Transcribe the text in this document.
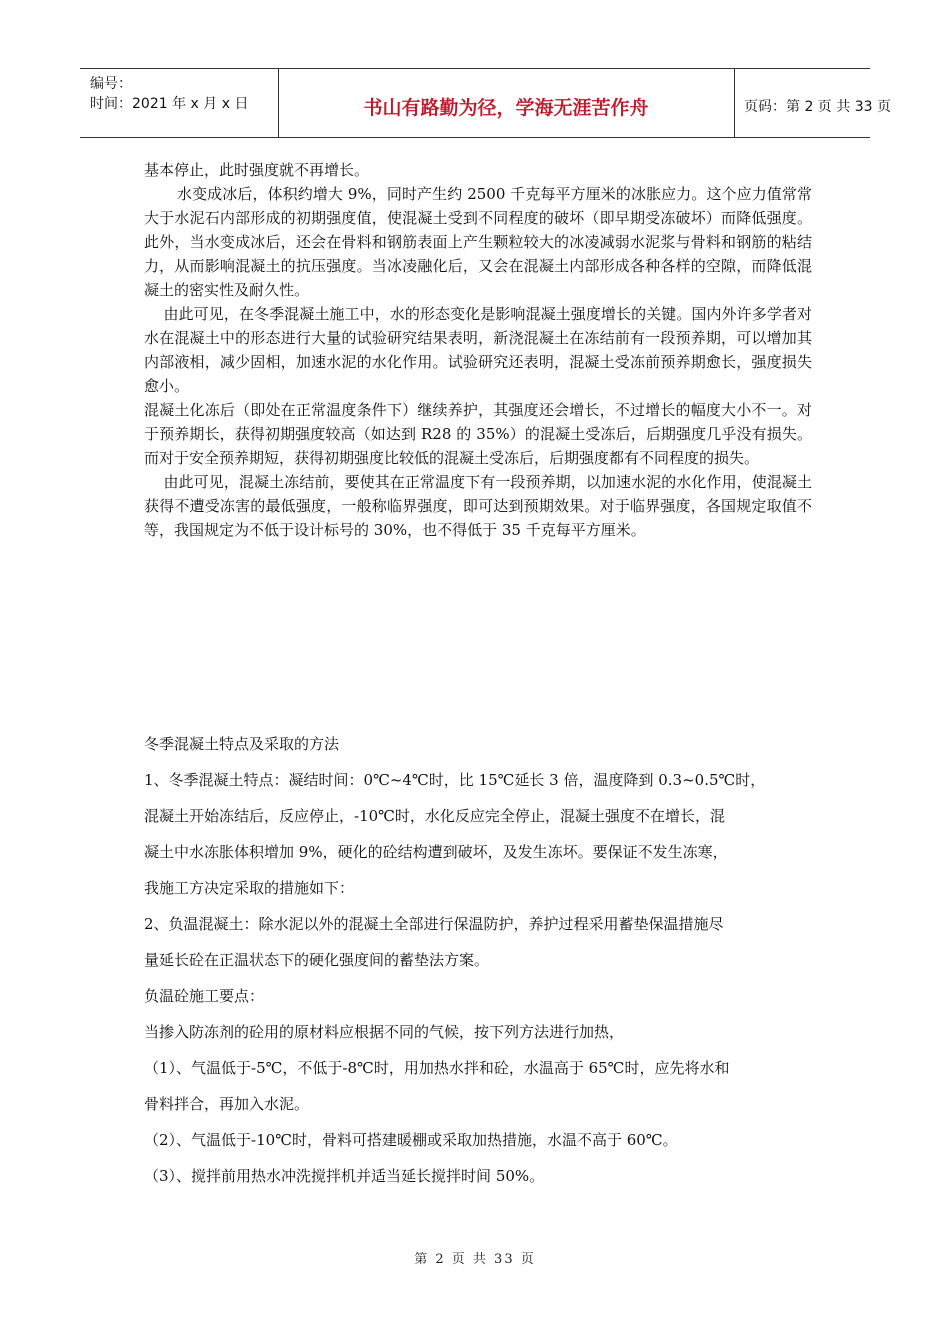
编号：
时间：2021 年 x 月 x 日	书山有路勤为径，学海无涯苦作舟	页码：第 2 页 共 33 页

基本停止，此时强度就不再增长。

水变成冰后，体积约增大 9%，同时产生约 2500 千克每平方厘米的冰胀应力。这个应力值常常大于水泥石内部形成的初期强度值，使混凝土受到不同程度的破坏（即早期受冻破坏）而降低强度。此外，当水变成冰后，还会在骨料和钢筋表面上产生颗粒较大的冰凌减弱水泥浆与骨料和钢筋的粘结力，从而影响混凝土的抗压强度。当冰凌融化后，又会在混凝土内部形成各种各样的空隙，而降低混凝土的密实性及耐久性。

由此可见，在冬季混凝土施工中，水的形态变化是影响混凝土强度增长的关键。国内外许多学者对水在混凝土中的形态进行大量的试验研究结果表明，新浇混凝土在冻结前有一段预养期，可以增加其内部液相，减少固相，加速水泥的水化作用。试验研究还表明，混凝土受冻前预养期愈长，强度损失愈小。

混凝土化冻后（即处在正常温度条件下）继续养护，其强度还会增长，不过增长的幅度大小不一。对于预养期长，获得初期强度较高（如达到 R28 的 35%）的混凝土受冻后，后期强度几乎没有损失。而对于安全预养期短，获得初期强度比较低的混凝土受冻后，后期强度都有不同程度的损失。

由此可见，混凝土冻结前，要使其在正常温度下有一段预养期，以加速水泥的水化作用，使混凝土获得不遭受冻害的最低强度，一般称临界强度，即可达到预期效果。对于临界强度，各国规定取值不等，我国规定为不低于设计标号的 30%，也不得低于 35 千克每平方厘米。

冬季混凝土特点及采取的方法

1、冬季混凝土特点：凝结时间：0℃~4℃时，比 15℃延长 3 倍，温度降到 0.3~0.5℃时，

混凝土开始冻结后，反应停止，-10℃时，水化反应完全停止，混凝土强度不在增长，混

凝土中水冻胀体积增加 9%，硬化的砼结构遭到破坏，及发生冻坏。要保证不发生冻寒，

我施工方决定采取的措施如下：

2、负温混凝土：除水泥以外的混凝土全部进行保温防护，养护过程采用蓄垫保温措施尽

量延长砼在正温状态下的硬化强度间的蓄垫法方案。

负温砼施工要点：

当掺入防冻剂的砼用的原材料应根据不同的气候，按下列方法进行加热，

（1）、气温低于-5℃，不低于-8℃时，用加热水拌和砼，水温高于 65℃时，应先将水和

骨料拌合，再加入水泥。

（2）、气温低于-10℃时，骨料可搭建暖棚或采取加热措施，水温不高于 60℃。

（3）、搅拌前用热水冲洗搅拌机并适当延长搅拌时间 50%。

第 2 页 共 33 页
